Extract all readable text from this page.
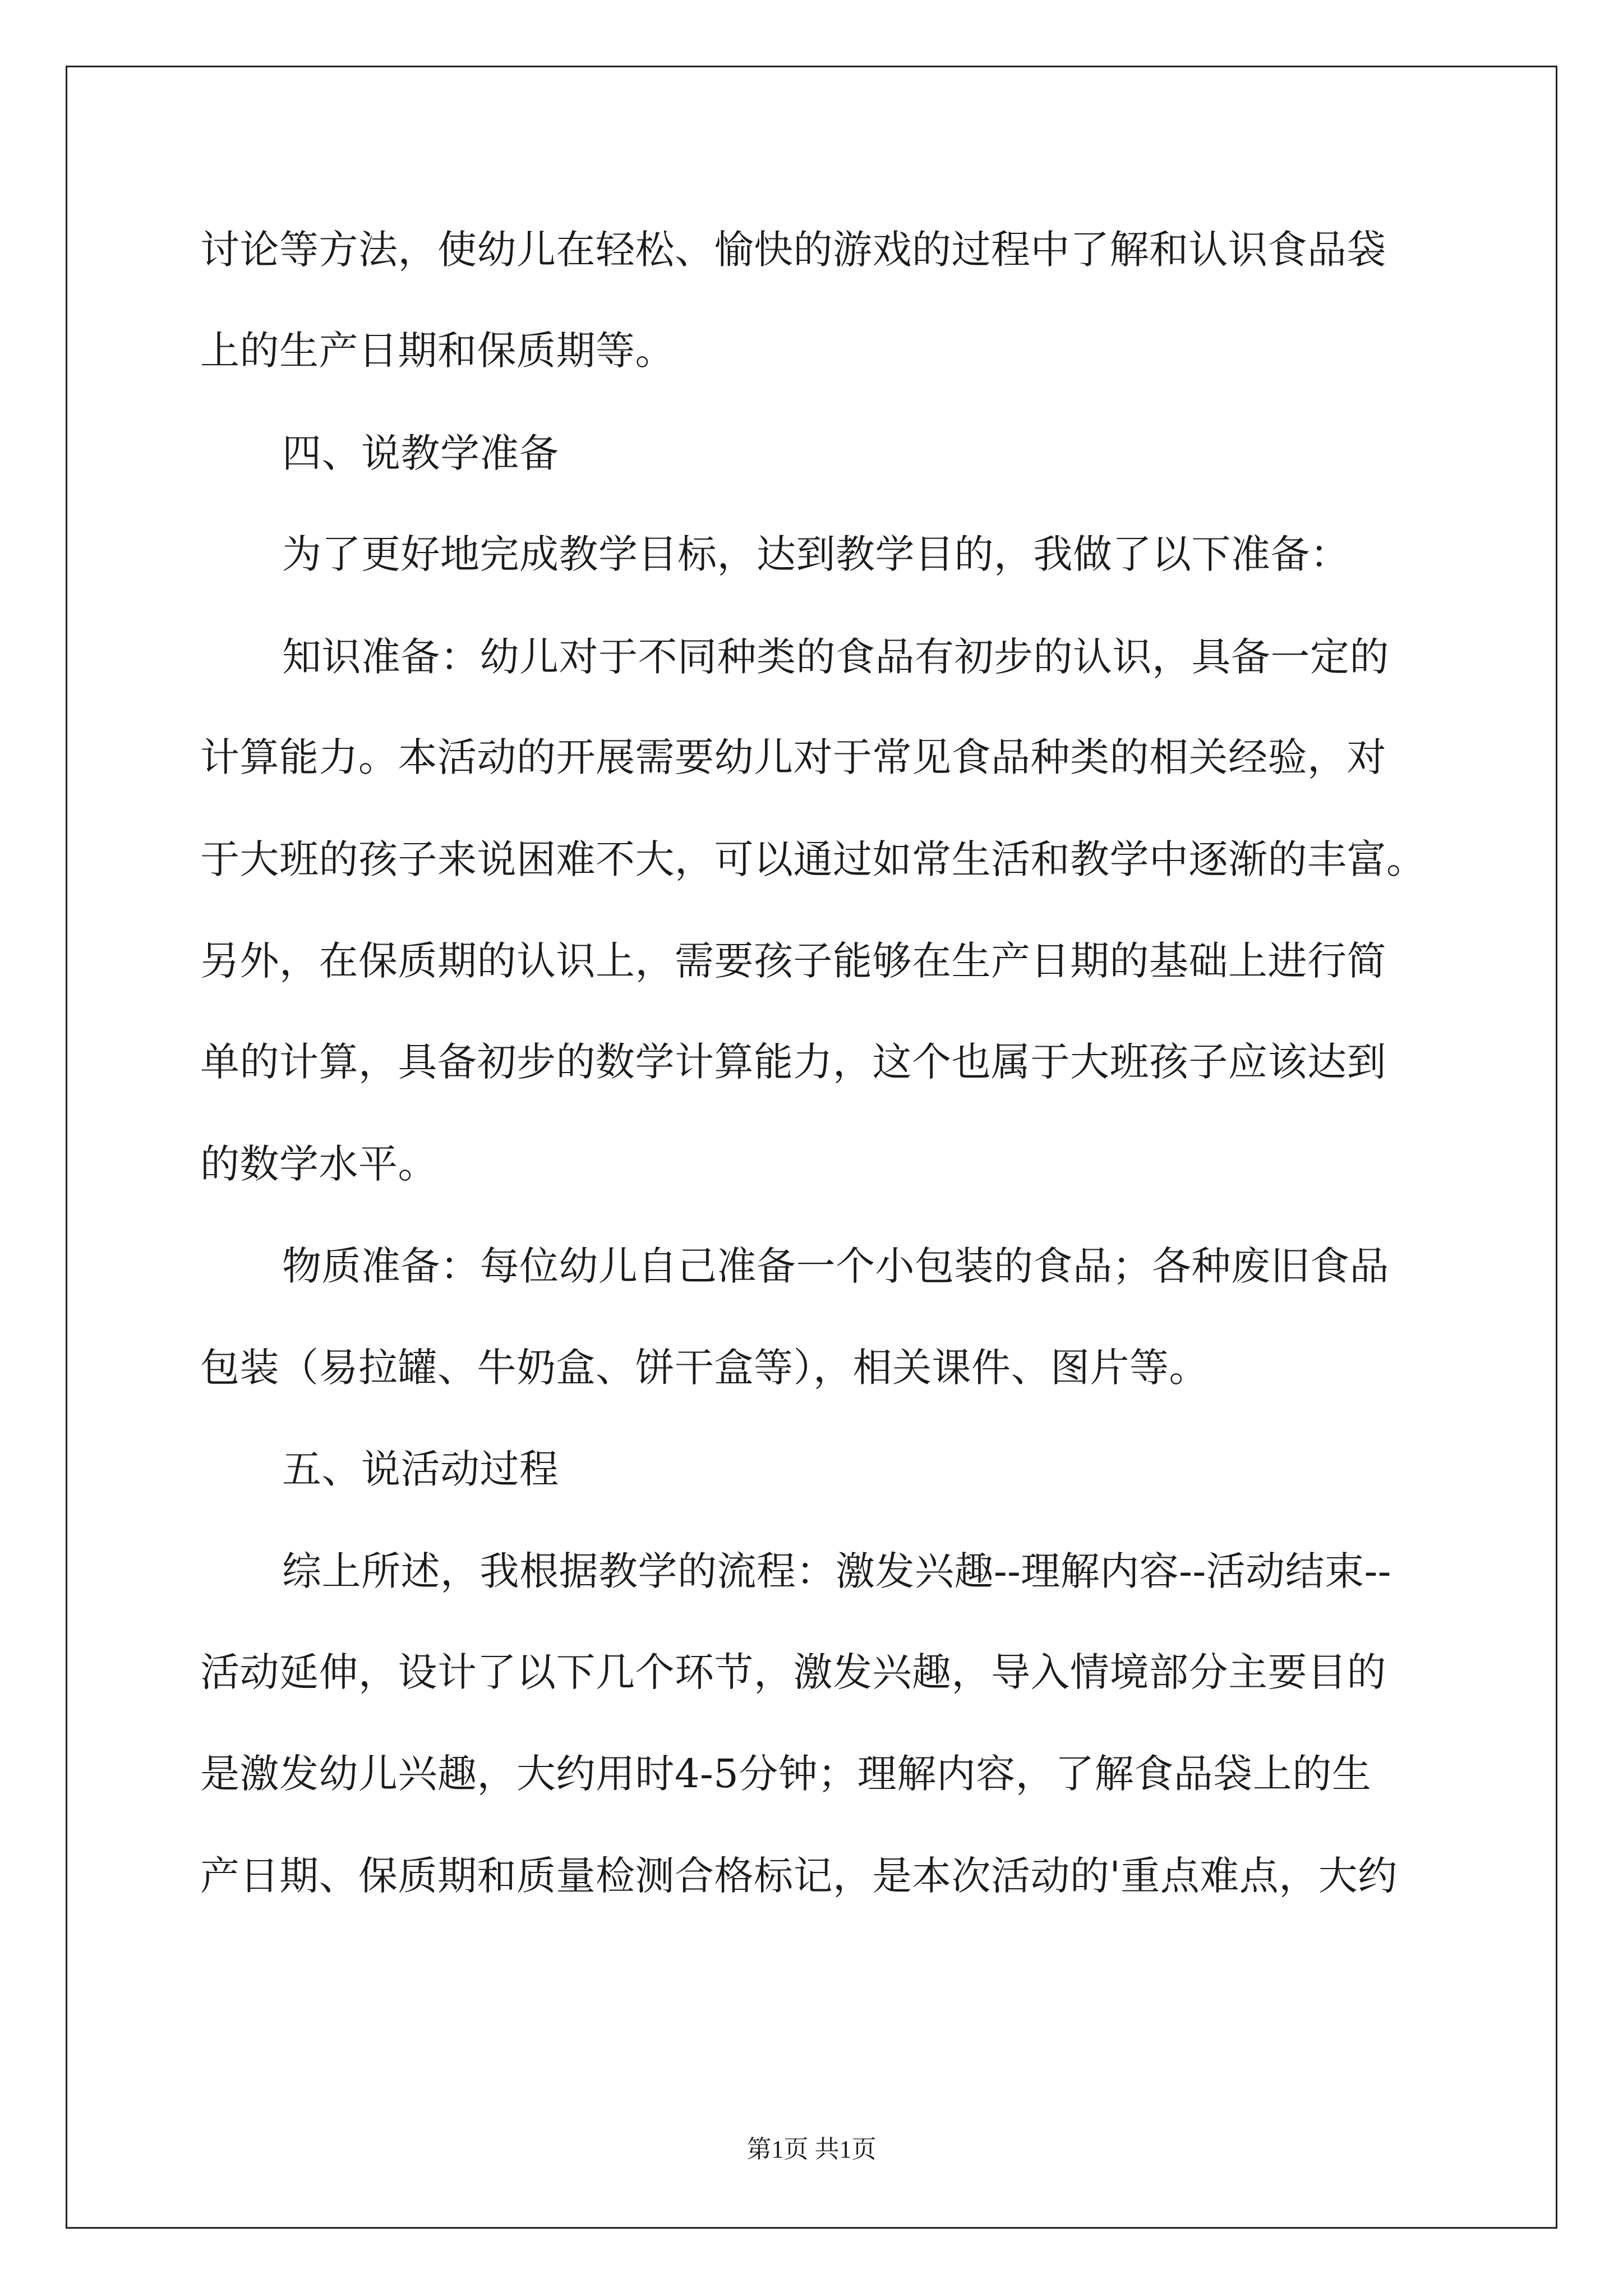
讨论等方法，使幼儿在轻松、愉快的游戏的过程中了解和认识食品袋
上的生产日期和保质期等。
四、说教学准备
为了更好地完成教学目标，达到教学目的，我做了以下准备：
知识准备：幼儿对于不同种类的食品有初步的认识，具备一定的
计算能力。本活动的开展需要幼儿对于常见食品种类的相关经验，对
于大班的孩子来说困难不大，可以通过如常生活和教学中逐渐的丰富。
另外，在保质期的认识上，需要孩子能够在生产日期的基础上进行简
单的计算，具备初步的数学计算能力，这个也属于大班孩子应该达到
的数学水平。
物质准备：每位幼儿自己准备一个小包装的食品；各种废旧食品
包装（易拉罐、牛奶盒、饼干盒等），相关课件、图片等。
五、说活动过程
综上所述，我根据教学的流程：激发兴趣--理解内容--活动结束--
活动延伸，设计了以下几个环节，激发兴趣，导入情境部分主要目的
是激发幼儿兴趣，大约用时4-5分钟；理解内容，了解食品袋上的生
产日期、保质期和质量检测合格标记，是本次活动的'重点难点，大约
第1页 共1页
